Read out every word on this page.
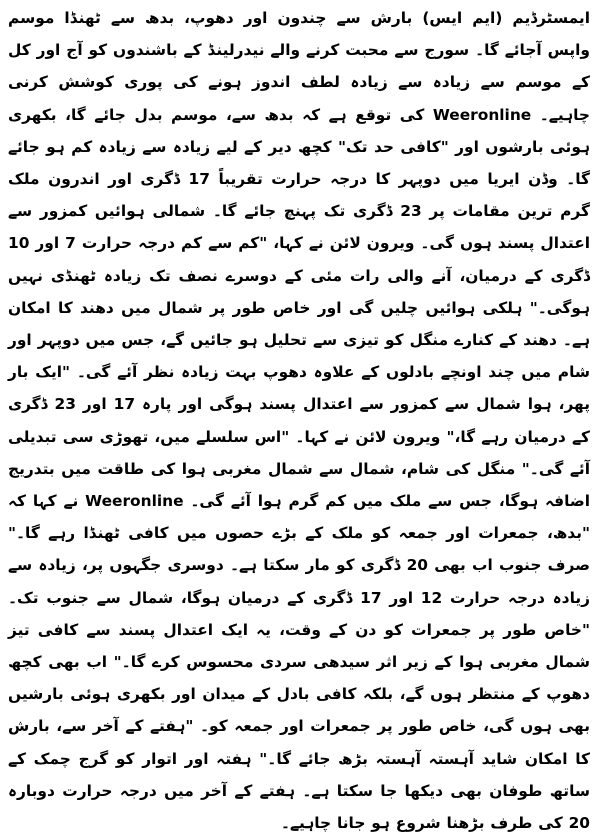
ایمسٹرڈیم (ایم ایس) بارش سے چندون اور دھوپ، بدھ سے ٹھنڈا موسم واپس آجائے گا۔ سورج سے محبت کرنے والے نیدرلینڈ کے باشندوں کو آج اور کل کے موسم سے زیادہ سے زیادہ لطف اندوز ہونے کی پوری کوشش کرنی چاہیے۔ Weeronline کی توقع ہے کہ بدھ سے، موسم بدل جائے گا، بکھری ہوئی بارشوں اور "کافی حد تک" کچھ دیر کے لیے زیادہ سے زیادہ کم ہو جائے گا۔ وڈن ایریا میں دوپہر کا درجہ حرارت تقریباً 17 ڈگری اور اندرون ملک گرم ترین مقامات پر 23 ڈگری تک پہنچ جائے گا۔ شمالی ہوائیں کمزور سے اعتدال پسند ہوں گی۔ ویرون لائن نے کہا، "کم سے کم درجہ حرارت 7 اور 10 ڈگری کے درمیان، آنے والی رات مئی کے دوسرے نصف تک زیادہ ٹھنڈی نہیں ہوگی۔" ہلکی ہوائیں چلیں گی اور خاص طور پر شمال میں دھند کا امکان ہے۔ دھند کے کنارے منگل کو تیزی سے تحلیل ہو جائیں گے، جس میں دوپہر اور شام میں چند اونچے بادلوں کے علاوہ دھوپ بہت زیادہ نظر آئے گی۔ "ایک بار پھر، ہوا شمال سے کمزور سے اعتدال پسند ہوگی اور پارہ 17 اور 23 ڈگری کے درمیان رہے گا،" ویرون لائن نے کہا۔ "اس سلسلے میں، تھوڑی سی تبدیلی آئے گی۔" منگل کی شام، شمال سے شمال مغربی ہوا کی طاقت میں بتدریج اضافہ ہوگا، جس سے ملک میں کم گرم ہوا آئے گی۔ Weeronline نے کہا کہ "بدھ، جمعرات اور جمعہ کو ملک کے بڑے حصوں میں کافی ٹھنڈا رہے گا۔" صرف جنوب اب بھی 20 ڈگری کو مار سکتا ہے۔ دوسری جگہوں پر، زیادہ سے زیادہ درجہ حرارت 12 اور 17 ڈگری کے درمیان ہوگا، شمال سے جنوب تک۔ "خاص طور پر جمعرات کو دن کے وقت، یہ ایک اعتدال پسند سے کافی تیز شمال مغربی ہوا کے زیر اثر سیدھی سردی محسوس کرے گا۔" اب بھی کچھ دھوپ کے منتظر ہوں گے، بلکہ کافی بادل کے میدان اور بکھری ہوئی بارشیں بھی ہوں گی، خاص طور پر جمعرات اور جمعہ کو۔ "ہفتے کے آخر سے، بارش کا امکان شاید آہستہ آہستہ بڑھ جائے گا۔" ہفتہ اور اتوار کو گرج چمک کے ساتھ طوفان بھی دیکھا جا سکتا ہے۔ ہفتے کے آخر میں درجہ حرارت دوبارہ 20 کی طرف بڑھنا شروع ہو جانا چاہیے۔
